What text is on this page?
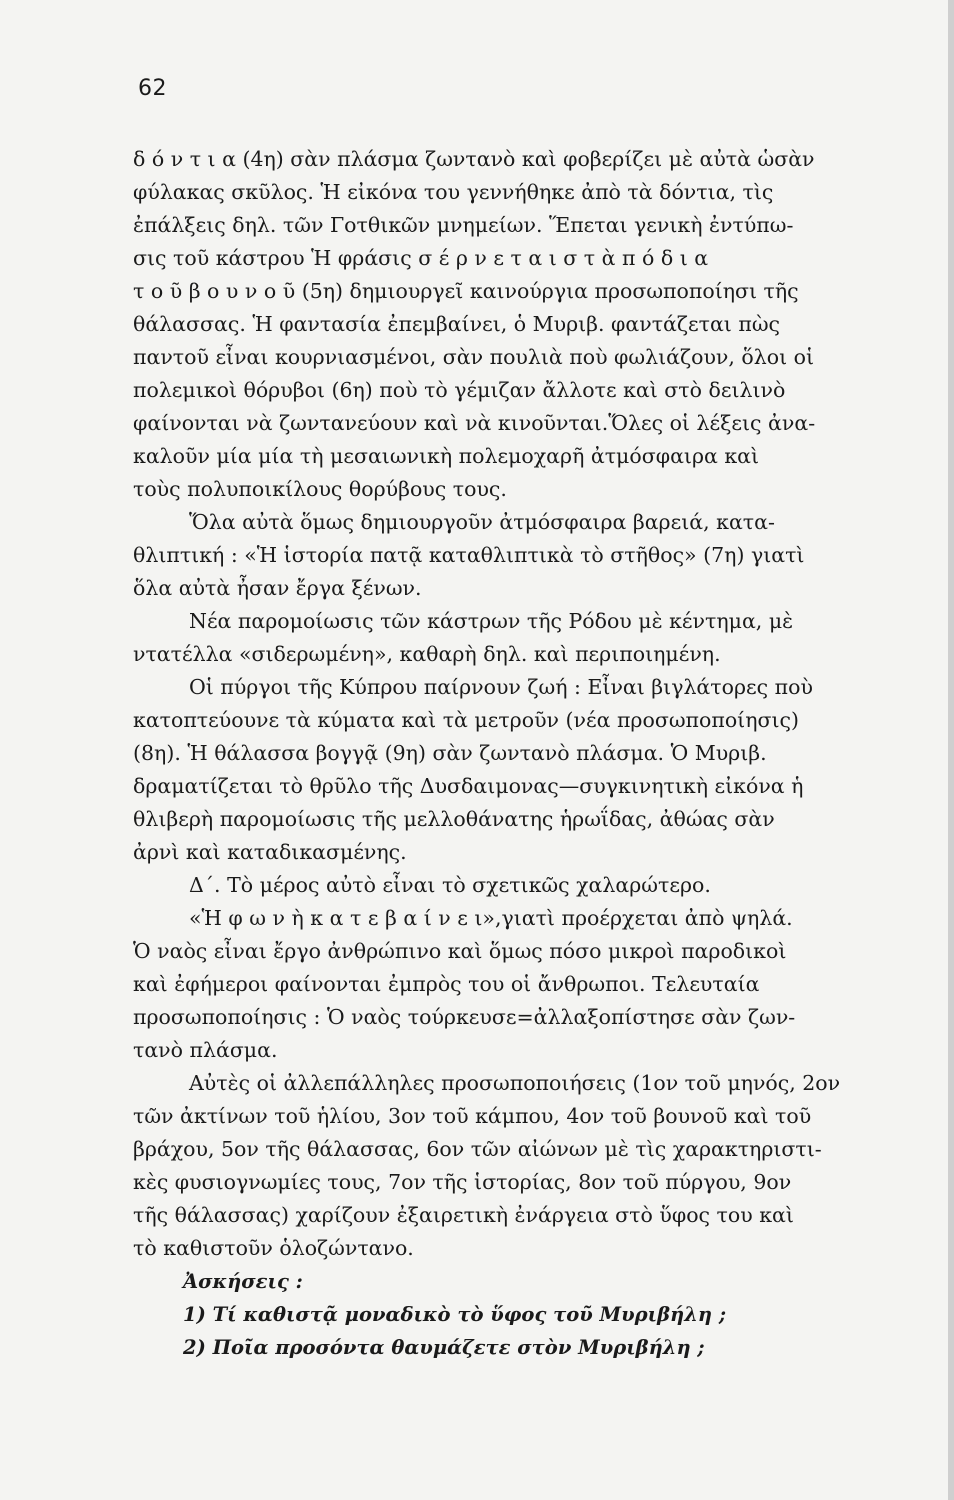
62
δ ό ν τ ι α (4η) σὰν πλάσμα ζωντανὸ καὶ φοβερίζει μὲ αὐτὰ ὡσὰν
φύλακας σκῦλος. Ἡ εἰκόνα του γεννήθηκε ἀπὸ τὰ δόντια, τὶς
ἐπάλξεις δηλ. τῶν Γοτθικῶν μνημείων. Ἕπεται γενικὴ ἐντύπω-
σις τοῦ κάστρου Ἡ φράσις σ έ ρ ν ε τ α ι σ τ ὰ π ό δ ι α
τ ο ῦ β ο υ ν ο ῦ (5η) δημιουργεῖ καινούργια προσωποποίησι τῆς
θάλασσας. Ἡ φαντασία ἐπεμβαίνει, ὁ Μυριβ. φαντάζεται πὼς
παντοῦ εἶναι κουρνιασμένοι, σὰν πουλιὰ ποὺ φωλιάζουν, ὅλοι οἱ
πολεμικοὶ θόρυβοι (6η) ποὺ τὸ γέμιζαν ἄλλοτε καὶ στὸ δειλινὸ
φαίνονται νὰ ζωντανεύουν καὶ νὰ κινοῦνται.Ὅλες οἱ λέξεις ἀνα-
καλοῦν μία μία τὴ μεσαιωνικὴ πολεμοχαρῆ ἀτμόσφαιρα καὶ
τοὺς πολυποικίλους θορύβους τους.
Ὅλα αὐτὰ ὅμως δημιουργοῦν ἀτμόσφαιρα βαρειά, κατα-
θλιπτική : «Ἡ ἱστορία πατᾷ καταθλιπτικὰ τὸ στῆθος» (7η) γιατὶ
ὅλα αὐτὰ ἦσαν ἔργα ξένων.
Νέα παρομοίωσις τῶν κάστρων τῆς Ρόδου μὲ κέντημα, μὲ
ντατέλλα «σιδερωμένη», καθαρὴ δηλ. καὶ περιποιημένη.
Οἱ πύργοι τῆς Κύπρου παίρνουν ζωή : Εἶναι βιγλάτορες ποὺ
κατοπτεύουνε τὰ κύματα καὶ τὰ μετροῦν (νέα προσωποποίησις)
(8η). Ἡ θάλασσα βογγᾷ (9η) σὰν ζωντανὸ πλάσμα. Ὁ Μυριβ.
δραματίζεται τὸ θρῦλο τῆς Δυσδαιμονας—συγκινητικὴ εἰκόνα ἡ
θλιβερὴ παρομοίωσις τῆς μελλοθάνατης ἡρωΐδας, ἀθώας σὰν
ἀρνὶ καὶ καταδικασμένης.
Δ΄. Τὸ μέρος αὐτὸ εἶναι τὸ σχετικῶς χαλαρώτερο.
«Ἡ φ ω ν ὴ κ α τ ε β α ί ν ε ι»,γιατὶ προέρχεται ἀπὸ ψηλά.
Ὁ ναὸς εἶναι ἔργο ἀνθρώπινο καὶ ὅμως πόσο μικροὶ παροδικοὶ
καὶ ἐφήμεροι φαίνονται ἐμπρὸς του οἱ ἄνθρωποι. Τελευταία
προσωποποίησις : Ὁ ναὸς τούρκευσε=ἀλλαξοπίστησε σὰν ζων-
τανὸ πλάσμα.
Αὐτὲς οἱ ἀλλεπάλληλες προσωποποιήσεις (1ον τοῦ μηνός, 2ον
τῶν ἀκτίνων τοῦ ἡλίου, 3ον τοῦ κάμπου, 4ον τοῦ βουνοῦ καὶ τοῦ
βράχου, 5ον τῆς θάλασσας, 6ον τῶν αἰώνων μὲ τὶς χαρακτηριστι-
κὲς φυσιογνωμίες τους, 7ον τῆς ἱστορίας, 8ον τοῦ πύργου, 9ον
τῆς θάλασσας) χαρίζουν ἐξαιρετικὴ ἐνάργεια στὸ ὕφος του καὶ
τὸ καθιστοῦν ὁλοζώντανο.
Ἀσκήσεις :
1) Τί καθιστᾷ μοναδικὸ τὸ ὕφος τοῦ Μυριβήλη ;
2) Ποῖα προσόντα θαυμάζετε στὸν Μυριβήλη ;
